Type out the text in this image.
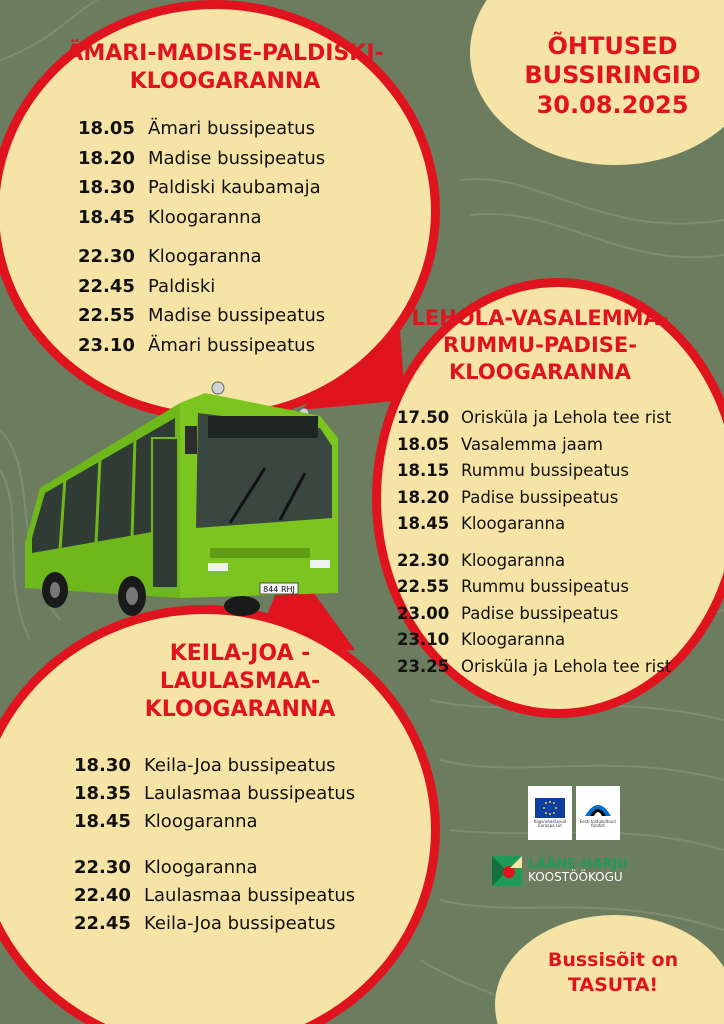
ÄMARI-MADISE-PALDISKI-KLOOGARANNA
18.05 Ämari bussipeatus
18.20 Madise bussipeatus
18.30 Paldiski kaubamaja
18.45 Kloogaranna
22.30 Kloogaranna
22.45 Paldiski
22.55 Madise bussipeatus
23.10 Ämari bussipeatus
LEHOLA-VASALEMMA-RUMMU-PADISE-KLOOGARANNA
17.50 Orisküla ja Lehola tee rist
18.05 Vasalemma jaam
18.15 Rummu bussipeatus
18.20 Padise bussipeatus
18.45 Kloogaranna
22.30 Kloogaranna
22.55 Rummu bussipeatus
23.00 Padise bussipeatus
23.10 Kloogaranna
23.25 Orisküla ja Lehola tee rist
KEILA-JOA - LAULASMAA-KLOOGARANNA
18.30 Keila-Joa bussipeatus
18.35 Laulasmaa bussipeatus
18.45 Kloogaranna
22.30 Kloogaranna
22.40 Laulasmaa bussipeatus
22.45 Keila-Joa bussipeatus
ÕHTUSED
BUSSIRINGID
30.08.2025
Bussisõit on
TASUTA!
844 RHJ
Kaasrahastanud Euroopa Liit
Eesti toidukultuuri fondist
LÄÄNE-HARJU
KOOSTÖÖKOGU
